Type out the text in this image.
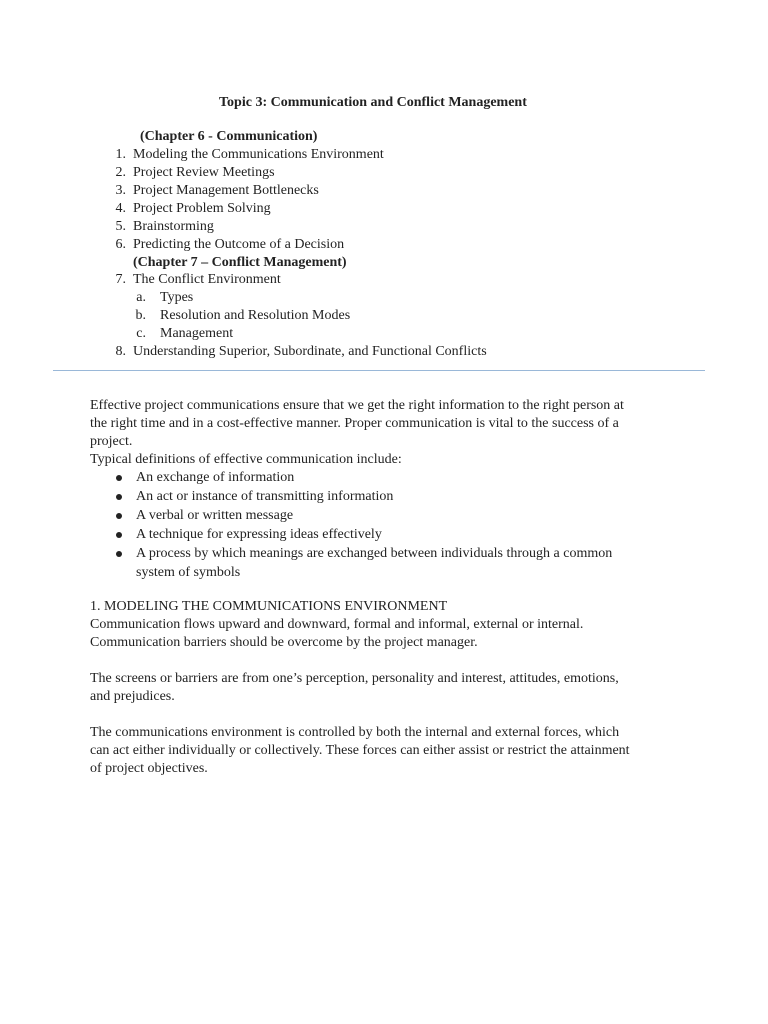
Topic 3: Communication and Conflict Management
(Chapter 6 - Communication)
1. Modeling the Communications Environment
2. Project Review Meetings
3. Project Management Bottlenecks
4. Project Problem Solving
5. Brainstorming
6. Predicting the Outcome of a Decision
(Chapter 7 – Conflict Management)
7. The Conflict Environment
a. Types
b. Resolution and Resolution Modes
c. Management
8. Understanding Superior, Subordinate, and Functional Conflicts
Effective project communications ensure that we get the right information to the right person at
the right time and in a cost-effective manner. Proper communication is vital to the success of a
project.
Typical definitions of effective communication include:
An exchange of information
An act or instance of transmitting information
A verbal or written message
A technique for expressing ideas effectively
A process by which meanings are exchanged between individuals through a common
system of symbols
1. MODELING THE COMMUNICATIONS ENVIRONMENT
Communication flows upward and downward, formal and informal, external or internal.
Communication barriers should be overcome by the project manager.
The screens or barriers are from one’s perception, personality and interest, attitudes, emotions,
and prejudices.
The communications environment is controlled by both the internal and external forces, which
can act either individually or collectively. These forces can either assist or restrict the attainment
of project objectives.
